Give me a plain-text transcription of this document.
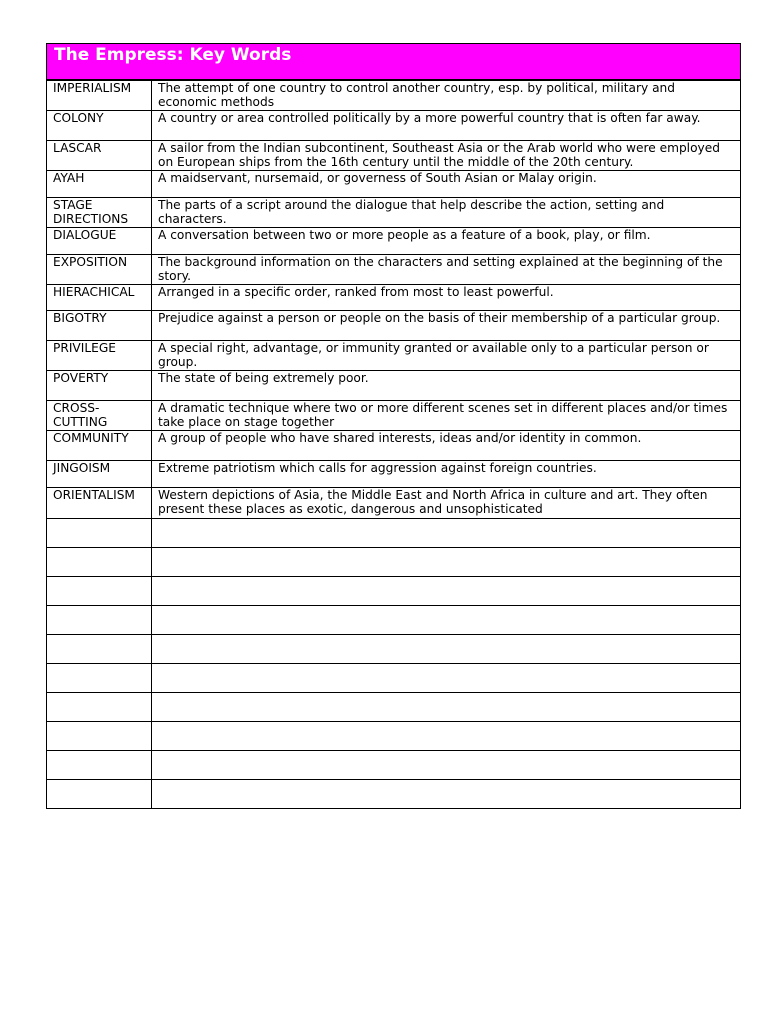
The Empress: Key Words
IMPERIALISM	The attempt of one country to control another country, esp. by political, military and economic methods
COLONY	A country or area controlled politically by a more powerful country that is often far away.
LASCAR	A sailor from the Indian subcontinent, Southeast Asia or the Arab world who were employed on European ships from the 16th century until the middle of the 20th century.
AYAH	A maidservant, nursemaid, or governess of South Asian or Malay origin.
STAGE DIRECTIONS	The parts of a script around the dialogue that help describe the action, setting and characters.
DIALOGUE	A conversation between two or more people as a feature of a book, play, or film.
EXPOSITION	The background information on the characters and setting explained at the beginning of the story.
HIERACHICAL	Arranged in a specific order, ranked from most to least powerful.
BIGOTRY	Prejudice against a person or people on the basis of their membership of a particular group.
PRIVILEGE	A special right, advantage, or immunity granted or available only to a particular person or group.
POVERTY	The state of being extremely poor.
CROSS-CUTTING	A dramatic technique where two or more different scenes set in different places and/or times take place on stage together
COMMUNITY	A group of people who have shared interests, ideas and/or identity in common.
JINGOISM	Extreme patriotism which calls for aggression against foreign countries.
ORIENTALISM	Western depictions of Asia, the Middle East and North Africa in culture and art. They often present these places as exotic, dangerous and unsophisticated
